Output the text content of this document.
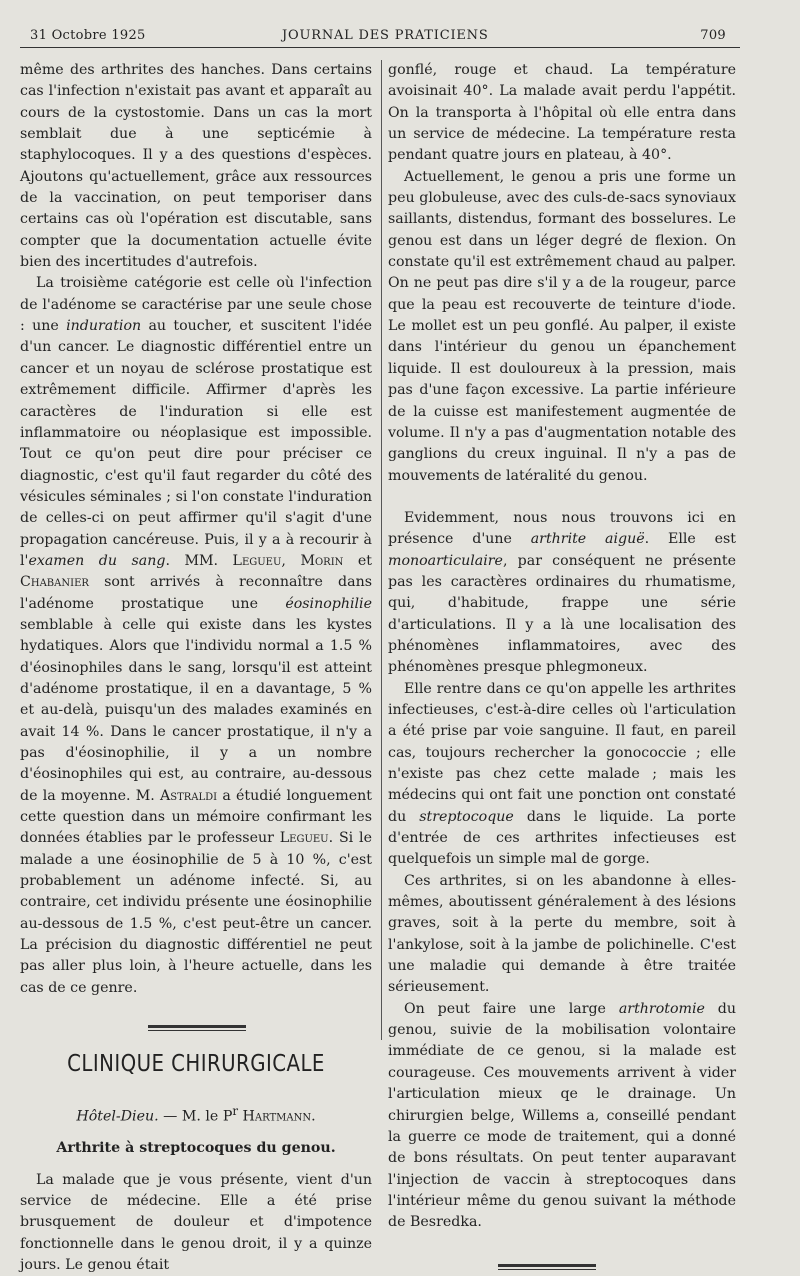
31 Octobre 1925	JOURNAL DES PRATICIENS	709

même des arthrites des hanches. Dans certains cas l'infection n'existait pas avant et apparaît au cours de la cystostomie. Dans un cas la mort semblait due à une septicémie à staphylocoques. Il y a des questions d'espèces. Ajoutons qu'actuellement, grâce aux ressources de la vaccination, on peut temporiser dans certains cas où l'opération est discutable, sans compter que la documentation actuelle évite bien des incertitudes d'autrefois.

La troisième catégorie est celle où l'infection de l'adénome se caractérise par une seule chose : une induration au toucher, et suscitent l'idée d'un cancer. Le diagnostic différentiel entre un cancer et un noyau de sclérose prostatique est extrêmement difficile. Affirmer d'après les caractères de l'induration si elle est inflammatoire ou néoplasique est impossible. Tout ce qu'on peut dire pour préciser ce diagnostic, c'est qu'il faut regarder du côté des vésicules séminales ; si l'on constate l'induration de celles-ci on peut affirmer qu'il s'agit d'une propagation cancéreuse. Puis, il y a à recourir à l'examen du sang. MM. Legueu, Morin et Chabanier sont arrivés à reconnaître dans l'adénome prostatique une éosinophilie semblable à celle qui existe dans les kystes hydatiques. Alors que l'individu normal a 1.5 % d'éosinophiles dans le sang, lorsqu'il est atteint d'adénome prostatique, il en a davantage, 5 % et au-delà, puisqu'un des malades examinés en avait 14 %. Dans le cancer prostatique, il n'y a pas d'éosinophilie, il y a un nombre d'éosinophiles qui est, au contraire, au-dessous de la moyenne. M. Astraldi a étudié longuement cette question dans un mémoire confirmant les données établies par le professeur Legueu. Si le malade a une éosinophilie de 5 à 10 %, c'est probablement un adénome infecté. Si, au contraire, cet individu présente une éosinophilie au-dessous de 1.5 %, c'est peut-être un cancer. La précision du diagnostic différentiel ne peut pas aller plus loin, à l'heure actuelle, dans les cas de ce genre.

CLINIQUE CHIRURGICALE
Hôtel-Dieu. — M. le $P^r$ Hartmann.
Arthrite à streptocoques du genou.

La malade que je vous présente, vient d'un service de médecine. Elle a été prise brusquement de douleur et d'impotence fonctionnelle dans le genou droit, il y a quinze jours. Le genou était

gonflé, rouge et chaud. La température avoisinait 40°. La malade avait perdu l'appétit. On la transporta à l'hôpital où elle entra dans un service de médecine. La température resta pendant quatre jours en plateau, à 40°.

Actuellement, le genou a pris une forme un peu globuleuse, avec des culs-de-sacs synoviaux saillants, distendus, formant des bosselures. Le genou est dans un léger degré de flexion. On constate qu'il est extrêmement chaud au palper. On ne peut pas dire s'il y a de la rougeur, parce que la peau est recouverte de teinture d'iode. Le mollet est un peu gonflé. Au palper, il existe dans l'intérieur du genou un épanchement liquide. Il est douloureux à la pression, mais pas d'une façon excessive. La partie inférieure de la cuisse est manifestement augmentée de volume. Il n'y a pas d'augmentation notable des ganglions du creux inguinal. Il n'y a pas de mouvements de latéralité du genou.

Evidemment, nous nous trouvons ici en présence d'une arthrite aiguë. Elle est monoarticulaire, par conséquent ne présente pas les caractères ordinaires du rhumatisme, qui, d'habitude, frappe une série d'articulations. Il y a là une localisation des phénomènes inflammatoires, avec des phénomènes presque phlegmoneux.

Elle rentre dans ce qu'on appelle les arthrites infectieuses, c'est-à-dire celles où l'articulation a été prise par voie sanguine. Il faut, en pareil cas, toujours rechercher la gonococcie ; elle n'existe pas chez cette malade ; mais les médecins qui ont fait une ponction ont constaté du streptocoque dans le liquide. La porte d'entrée de ces arthrites infectieuses est quelquefois un simple mal de gorge.

Ces arthrites, si on les abandonne à elles-mêmes, aboutissent généralement à des lésions graves, soit à la perte du membre, soit à l'ankylose, soit à la jambe de polichinelle. C'est une maladie qui demande à être traitée sérieusement.

On peut faire une large arthrotomie du genou, suivie de la mobilisation volontaire immédiate de ce genou, si la malade est courageuse. Ces mouvements arrivent à vider l'articulation mieux qe le drainage. Un chirurgien belge, Willems a, conseillé pendant la guerre ce mode de traitement, qui a donné de bons résultats. On peut tenter auparavant l'injection de vaccin à streptocoques dans l'intérieur même du genou suivant la méthode de Besredka.
